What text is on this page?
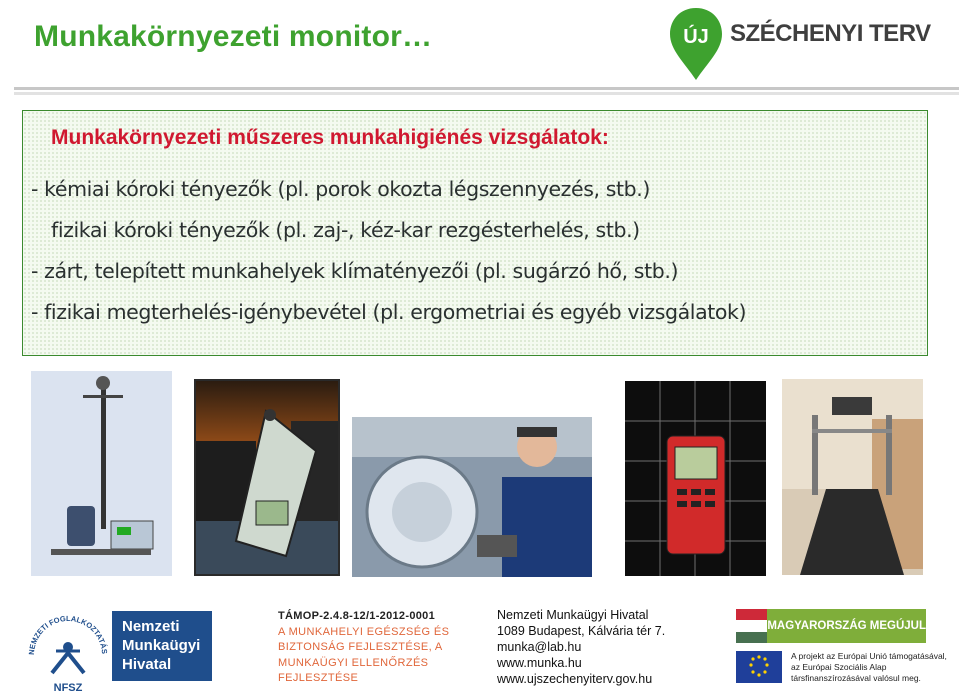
Munkakörnyezeti monitor…	ÚJ SZÉCHENYI TERV
Munkakörnyezeti műszeres munkahigiénés vizsgálatok:
- kémiai kóroki tényezők (pl. porok okozta légszennyezés, stb.)
fizikai kóroki tényezők (pl. zaj-, kéz-kar rezgésterhelés, stb.)
- zárt, telepített munkahelyek klímatényezői (pl. sugárzó hő, stb.)
- fizikai megterhelés-igénybevétel (pl. ergometriai és egyéb vizsgálatok)
NEMZETI FOGLALKOZTATÁS
NFSZ
Nemzeti
Munkaügyi
Hivatal
TÁMOP-2.4.8-12/1-2012-0001
A MUNKAHELYI EGÉSZSÉG ÉS
BIZTONSÁG FEJLESZTÉSE, A
MUNKAÜGYI ELLENŐRZÉS
FEJLESZTÉSE
Nemzeti Munkaügyi Hivatal
1089 Budapest, Kálvária tér 7.
munka@lab.hu
www.munka.hu
www.ujszechenyiterv.gov.hu
MAGYARORSZÁG MEGÚJUL
A projekt az Európai Unió támogatásával,
az Európai Szociális Alap
társfinanszírozásával valósul meg.
